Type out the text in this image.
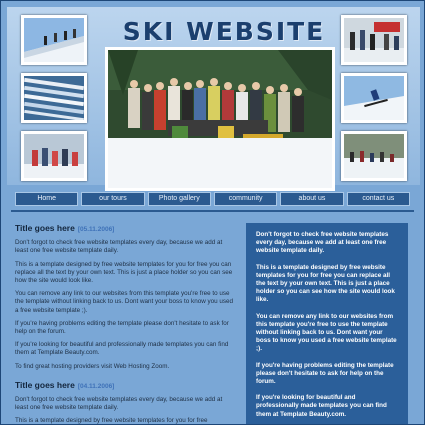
SKI WEBSITE
Home	our tours	Photo gallery	community	about us	contact us
Title goes here [05.11.2006]

Don't forgot to check free website templates every day, because we add at least one free website template daily.

This is a template designed by free website templates for you for free you can replace all the text by your own text. This is just a place holder so you can see how the site would look like.

You can remove any link to our websites from this template you're free to use the template without linking back to us. Dont want your boss to know you used a free website template ;).

If you're having problems editing the template please don't hesitate to ask for help on the forum.

If you're looking for beautiful and professionally made templates you can find them at Template Beauty.com.

To find great hosting providers visit Web Hosting Zoom.

Title goes here [04.11.2006]

Don't forgot to check free website templates every day, because we add at least one free website template daily.

This is a template designed by free website templates for you for free

Don't forgot to check free website templates every day, because we add at least one free website template daily.

This is a template designed by free website templates for you for free you can replace all the text by your own text. This is just a place holder so you can see how the site would look like.

You can remove any link to our websites from this template you're free to use the template without linking back to us. Dont want your boss to know you used a free website template ;).

If you're having problems editing the template please don't hesitate to ask for help on the forum.

If you're looking for beautiful and professionally made templates you can find them at Template Beauty.com.
